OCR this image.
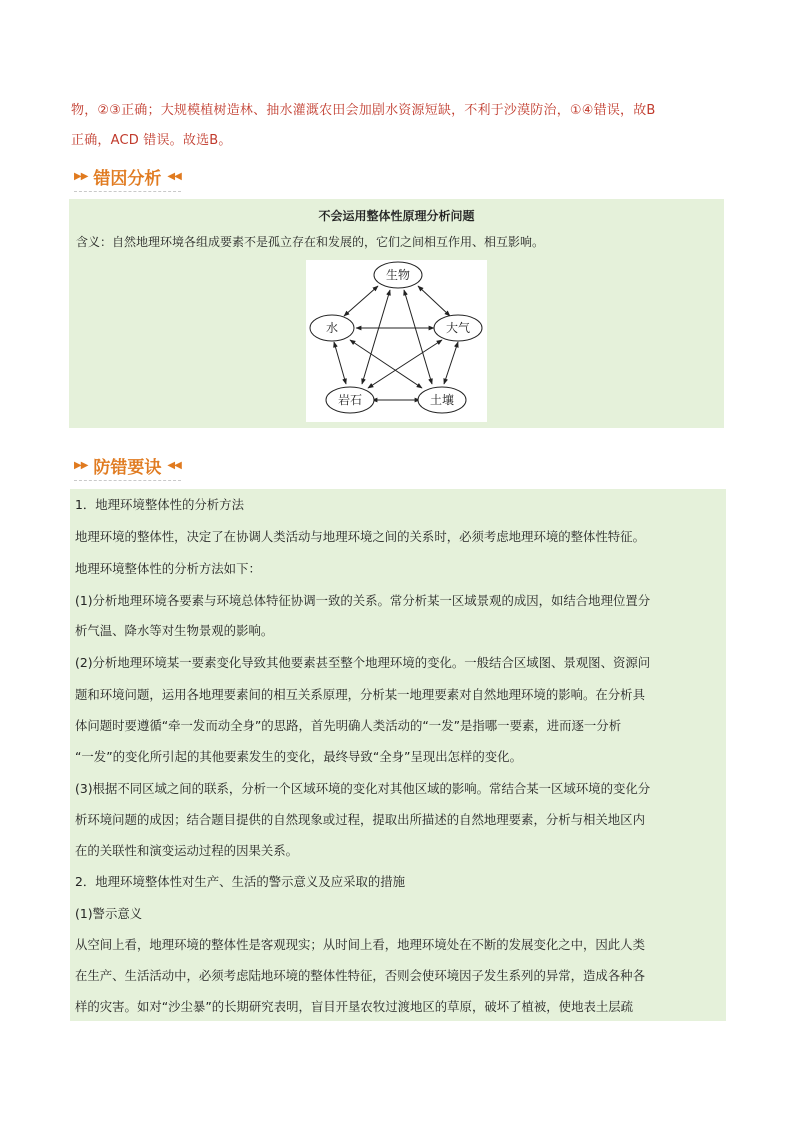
物，②③正确；大规模植树造林、抽水灌溉农田会加剧水资源短缺，不利于沙漠防治，①④错误，故B
正确，ACD 错误。故选B。
▶▶ 错因分析 ◀◀
不会运用整体性原理分析问题
含义：自然地理环境各组成要素不是孤立存在和发展的，它们之间相互作用、相互影响。
生物
水	大气
岩石	土壤
▶▶ 防错要诀 ◀◀
1．地理环境整体性的分析方法
地理环境的整体性，决定了在协调人类活动与地理环境之间的关系时，必须考虑地理环境的整体性特征。
地理环境整体性的分析方法如下：
(1)分析地理环境各要素与环境总体特征协调一致的关系。常分析某一区域景观的成因，如结合地理位置分
析气温、降水等对生物景观的影响。
(2)分析地理环境某一要素变化导致其他要素甚至整个地理环境的变化。一般结合区域图、景观图、资源问
题和环境问题，运用各地理要素间的相互关系原理，分析某一地理要素对自然地理环境的影响。在分析具
体问题时要遵循“牵一发而动全身”的思路，首先明确人类活动的“一发”是指哪一要素，进而逐一分析
“一发”的变化所引起的其他要素发生的变化，最终导致“全身”呈现出怎样的变化。
(3)根据不同区域之间的联系，分析一个区域环境的变化对其他区域的影响。常结合某一区域环境的变化分
析环境问题的成因；结合题目提供的自然现象或过程，提取出所描述的自然地理要素，分析与相关地区内
在的关联性和演变运动过程的因果关系。
2．地理环境整体性对生产、生活的警示意义及应采取的措施
(1)警示意义
从空间上看，地理环境的整体性是客观现实；从时间上看，地理环境处在不断的发展变化之中，因此人类
在生产、生活活动中，必须考虑陆地环境的整体性特征，否则会使环境因子发生系列的异常，造成各种各
样的灾害。如对“沙尘暴”的长期研究表明，盲目开垦农牧过渡地区的草原，破坏了植被，使地表土层疏
